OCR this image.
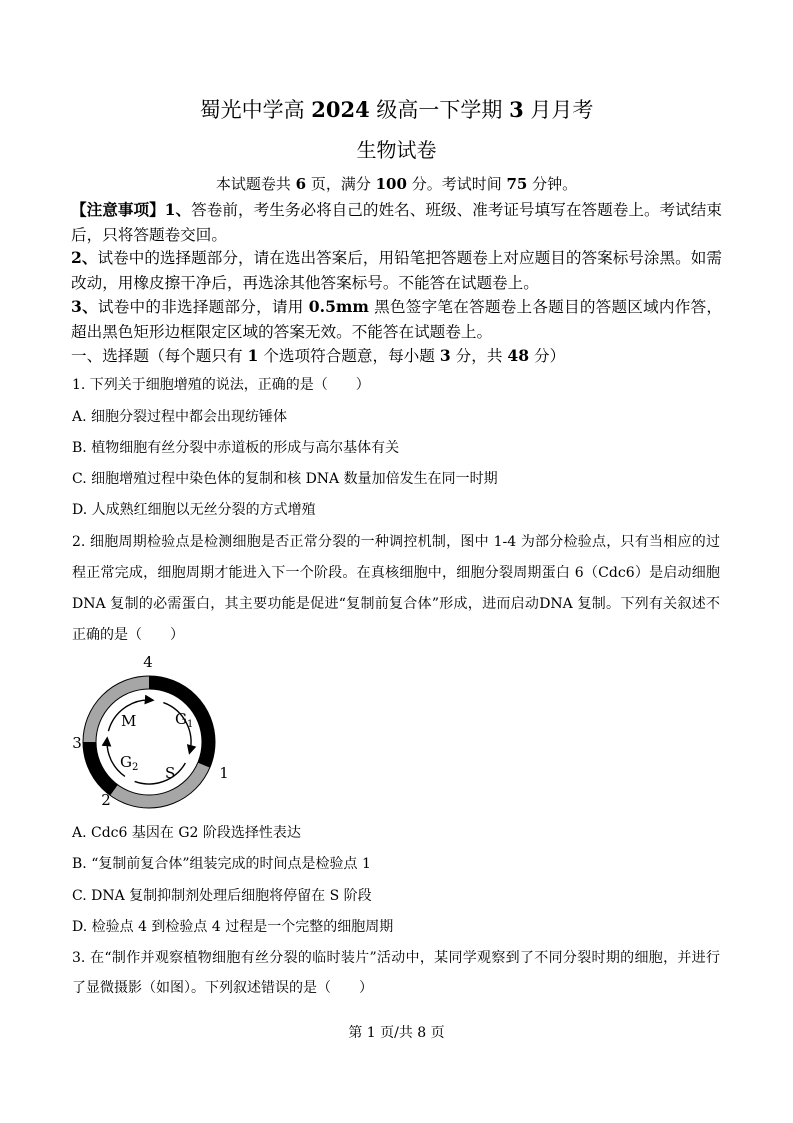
蜀光中学高 2024 级高一下学期 3 月月考
生物试卷
本试题卷共 6 页，满分 100 分。考试时间 75 分钟。
【注意事项】1、答卷前，考生务必将自己的姓名、班级、准考证号填写在答题卷上。考试结束后，只将答题卷交回。
2、试卷中的选择题部分，请在选出答案后，用铅笔把答题卷上对应题目的答案标号涂黑。如需改动，用橡皮擦干净后，再选涂其他答案标号。不能答在试题卷上。
3、试卷中的非选择题部分，请用 0.5mm 黑色签字笔在答题卷上各题目的答题区域内作答，超出黑色矩形边框限定区域的答案无效。不能答在试题卷上。
一、选择题（每个题只有 1 个选项符合题意，每小题 3 分，共 48 分）
1. 下列关于细胞增殖的说法，正确的是（　　）
A. 细胞分裂过程中都会出现纺锤体
B. 植物细胞有丝分裂中赤道板的形成与高尔基体有关
C. 细胞增殖过程中染色体的复制和核 DNA 数量加倍发生在同一时期
D. 人成熟红细胞以无丝分裂的方式增殖
2. 细胞周期检验点是检测细胞是否正常分裂的一种调控机制，图中 1-4 为部分检验点，只有当相应的过程正常完成，细胞周期才能进入下一个阶段。在真核细胞中，细胞分裂周期蛋白 6（Cdc6）是启动细胞 DNA 复制的必需蛋白，其主要功能是促进“复制前复合体”形成，进而启动DNA 复制。下列有关叙述不正确的是（　　）
M	$G_1$
$G_2$ S	1
2
3
4
A. Cdc6 基因在 G2 阶段选择性表达
B. “复制前复合体”组装完成的时间点是检验点 1
C. DNA 复制抑制剂处理后细胞将停留在 S 阶段
D. 检验点 4 到检验点 4 过程是一个完整的细胞周期
3. 在“制作并观察植物细胞有丝分裂的临时装片”活动中，某同学观察到了不同分裂时期的细胞，并进行了显微摄影（如图）。下列叙述错误的是（　　）
第 1 页/共 8 页
